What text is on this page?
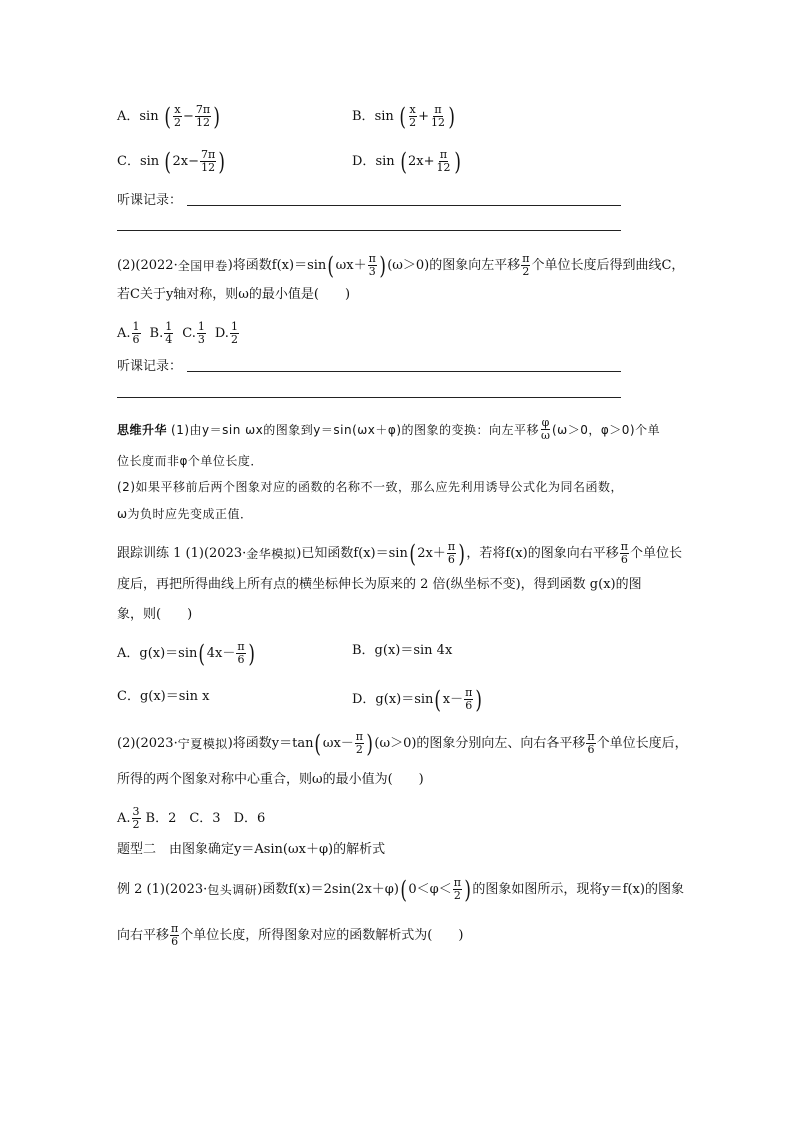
A． sin ( $\frac{x}{2} - \frac{7\pi}{12}$ )	B． sin ( $\frac{x}{2} + \frac{\pi}{12}$ )
C． sin ( $2x - \frac{7\pi}{12}$ )	D． sin ( $2x + \frac{\pi}{12}$ )
听课记录：
(2)(2022· 全国甲卷 )将函数f(x)＝sin ( $\omega x+ \frac{\pi}{3}$ ) (ω＞0)的图象向左平移 $\frac{\pi}{2}$ 个单位长度后得到曲线C，
若C关于y轴对称，则ω的最小值是(　　)
A. $\frac{1}{6} B$. $\frac{1}{4} C$. $\frac{1}{3} D$. $\frac{1}{2}$
听课记录：
思维升华 (1)由y＝sin ωx的图象到y＝sin(ωx＋φ)的图象的变换：向左平移 $\frac{\varphi}{\omega} (\omega>0$，φ＞0)个单
位长度而非φ个单位长度．
(2)如果平移前后两个图象对应的函数的名称不一致，那么应先利用诱导公式化为同名函数，
ω为负时应先变成正值．
跟踪训练 1 (1)(2023· 金华模拟 )已知函数f(x)＝sin ( $2x+ \frac{\pi}{6}$ ) ，若将f(x)的图象向右平移 $\frac{\pi}{6}$ 个单位长
度后，再把所得曲线上所有点的横坐标伸长为原来的 2 倍(纵坐标不变)，得到函数 g(x)的图
象，则(　　)
A．g(x)＝sin ( $4x- \frac{\pi}{6}$ )	B．g(x)＝sin 4x
C．g(x)＝sin x	D．g(x)＝sin ( $x- \frac{\pi}{6}$ )
(2)(2023· 宁夏模拟 )将函数y＝tan ( $\omega x- \frac{\pi}{2}$ ) (ω＞0)的图象分别向左、向右各平移 $\frac{\pi}{6}$ 个单位长度后，
所得的两个图象对称中心重合，则ω的最小值为(　　)
A. $\frac{3}{2}$ B．2　C．3　D．6
题型二　由图象确定y＝Asin(ωx＋φ)的解析式
例 2 (1)(2023· 包头调研 )函数f(x)＝2sin(2x＋φ) ( $0<\varphi< \frac{\pi}{2}$ ) 的图象如图所示，现将y＝f(x)的图象
向右平移 $\frac{\pi}{6}$ 个单位长度，所得图象对应的函数解析式为(　　)
